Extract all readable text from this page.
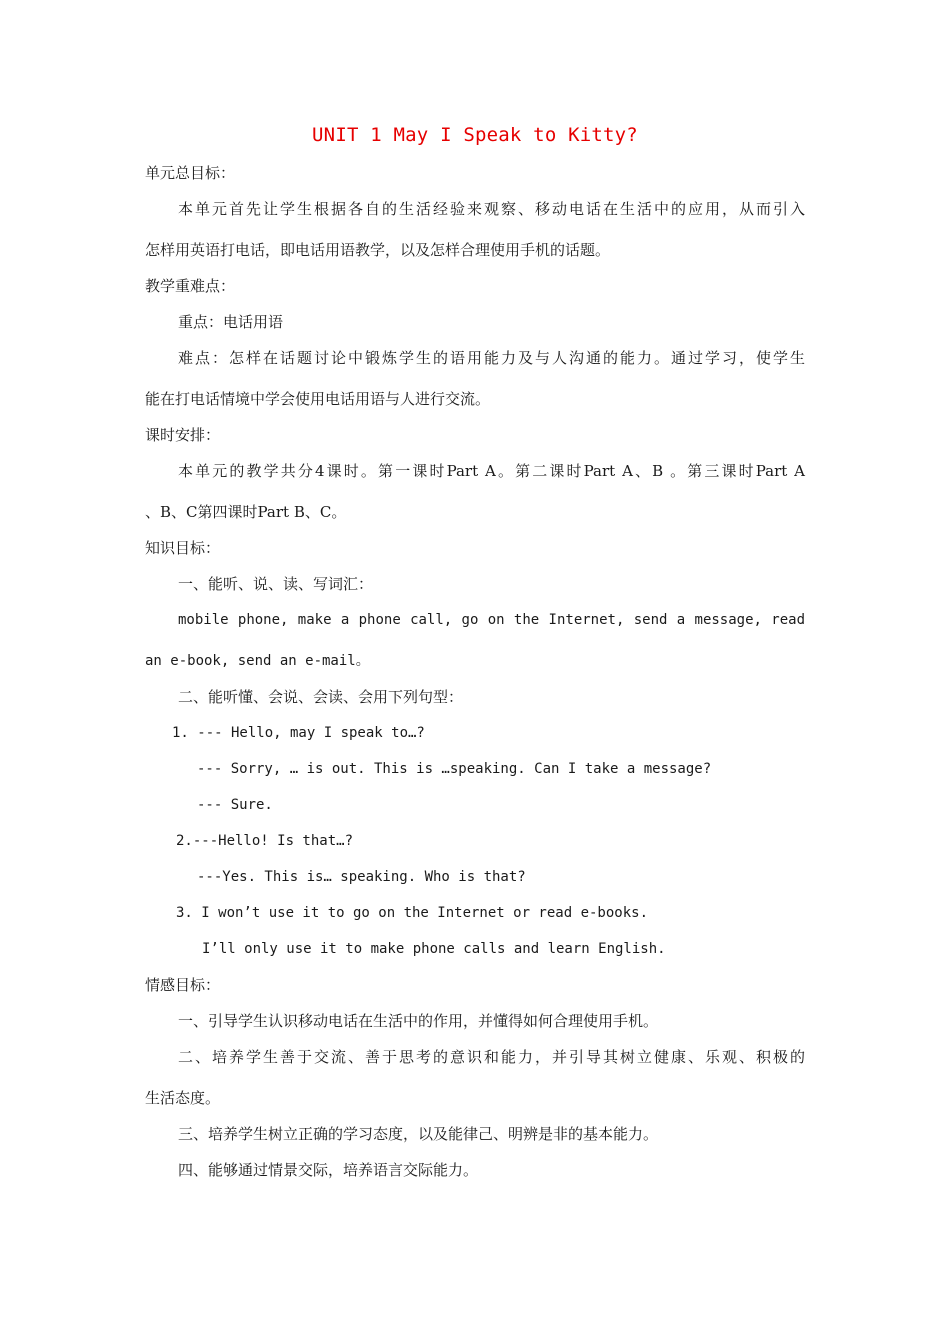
UNIT 1 May I Speak to Kitty?
单元总目标：
本单元首先让学生根据各自的生活经验来观察、移动电话在生活中的应用，从而引入
怎样用英语打电话，即电话用语教学，以及怎样合理使用手机的话题。
教学重难点：
重点：电话用语
难点：怎样在话题讨论中锻炼学生的语用能力及与人沟通的能力。通过学习，使学生
能在打电话情境中学会使用电话用语与人进行交流。
课时安排：
本单元的教学共分4课时。第一课时Part A。第二课时Part A、B 。第三课时Part A
、B、C第四课时Part B、C。
知识目标：
一、能听、说、读、写词汇：
mobile phone, make a phone call, go on the Internet, send a message, read
an e-book, send an e-mail。
二、能听懂、会说、会读、会用下列句型：
1. --- Hello, may I speak to…?
--- Sorry, … is out. This is …speaking. Can I take a message?
--- Sure.
2.---Hello! Is that…?
---Yes. This is… speaking. Who is that?
3. I won’t use it to go on the Internet or read e-books.
I’ll only use it to make phone calls and learn English.
情感目标：
一、引导学生认识移动电话在生活中的作用，并懂得如何合理使用手机。
二、培养学生善于交流、善于思考的意识和能力，并引导其树立健康、乐观、积极的
生活态度。
三、培养学生树立正确的学习态度，以及能律己、明辨是非的基本能力。
四、能够通过情景交际，培养语言交际能力。
